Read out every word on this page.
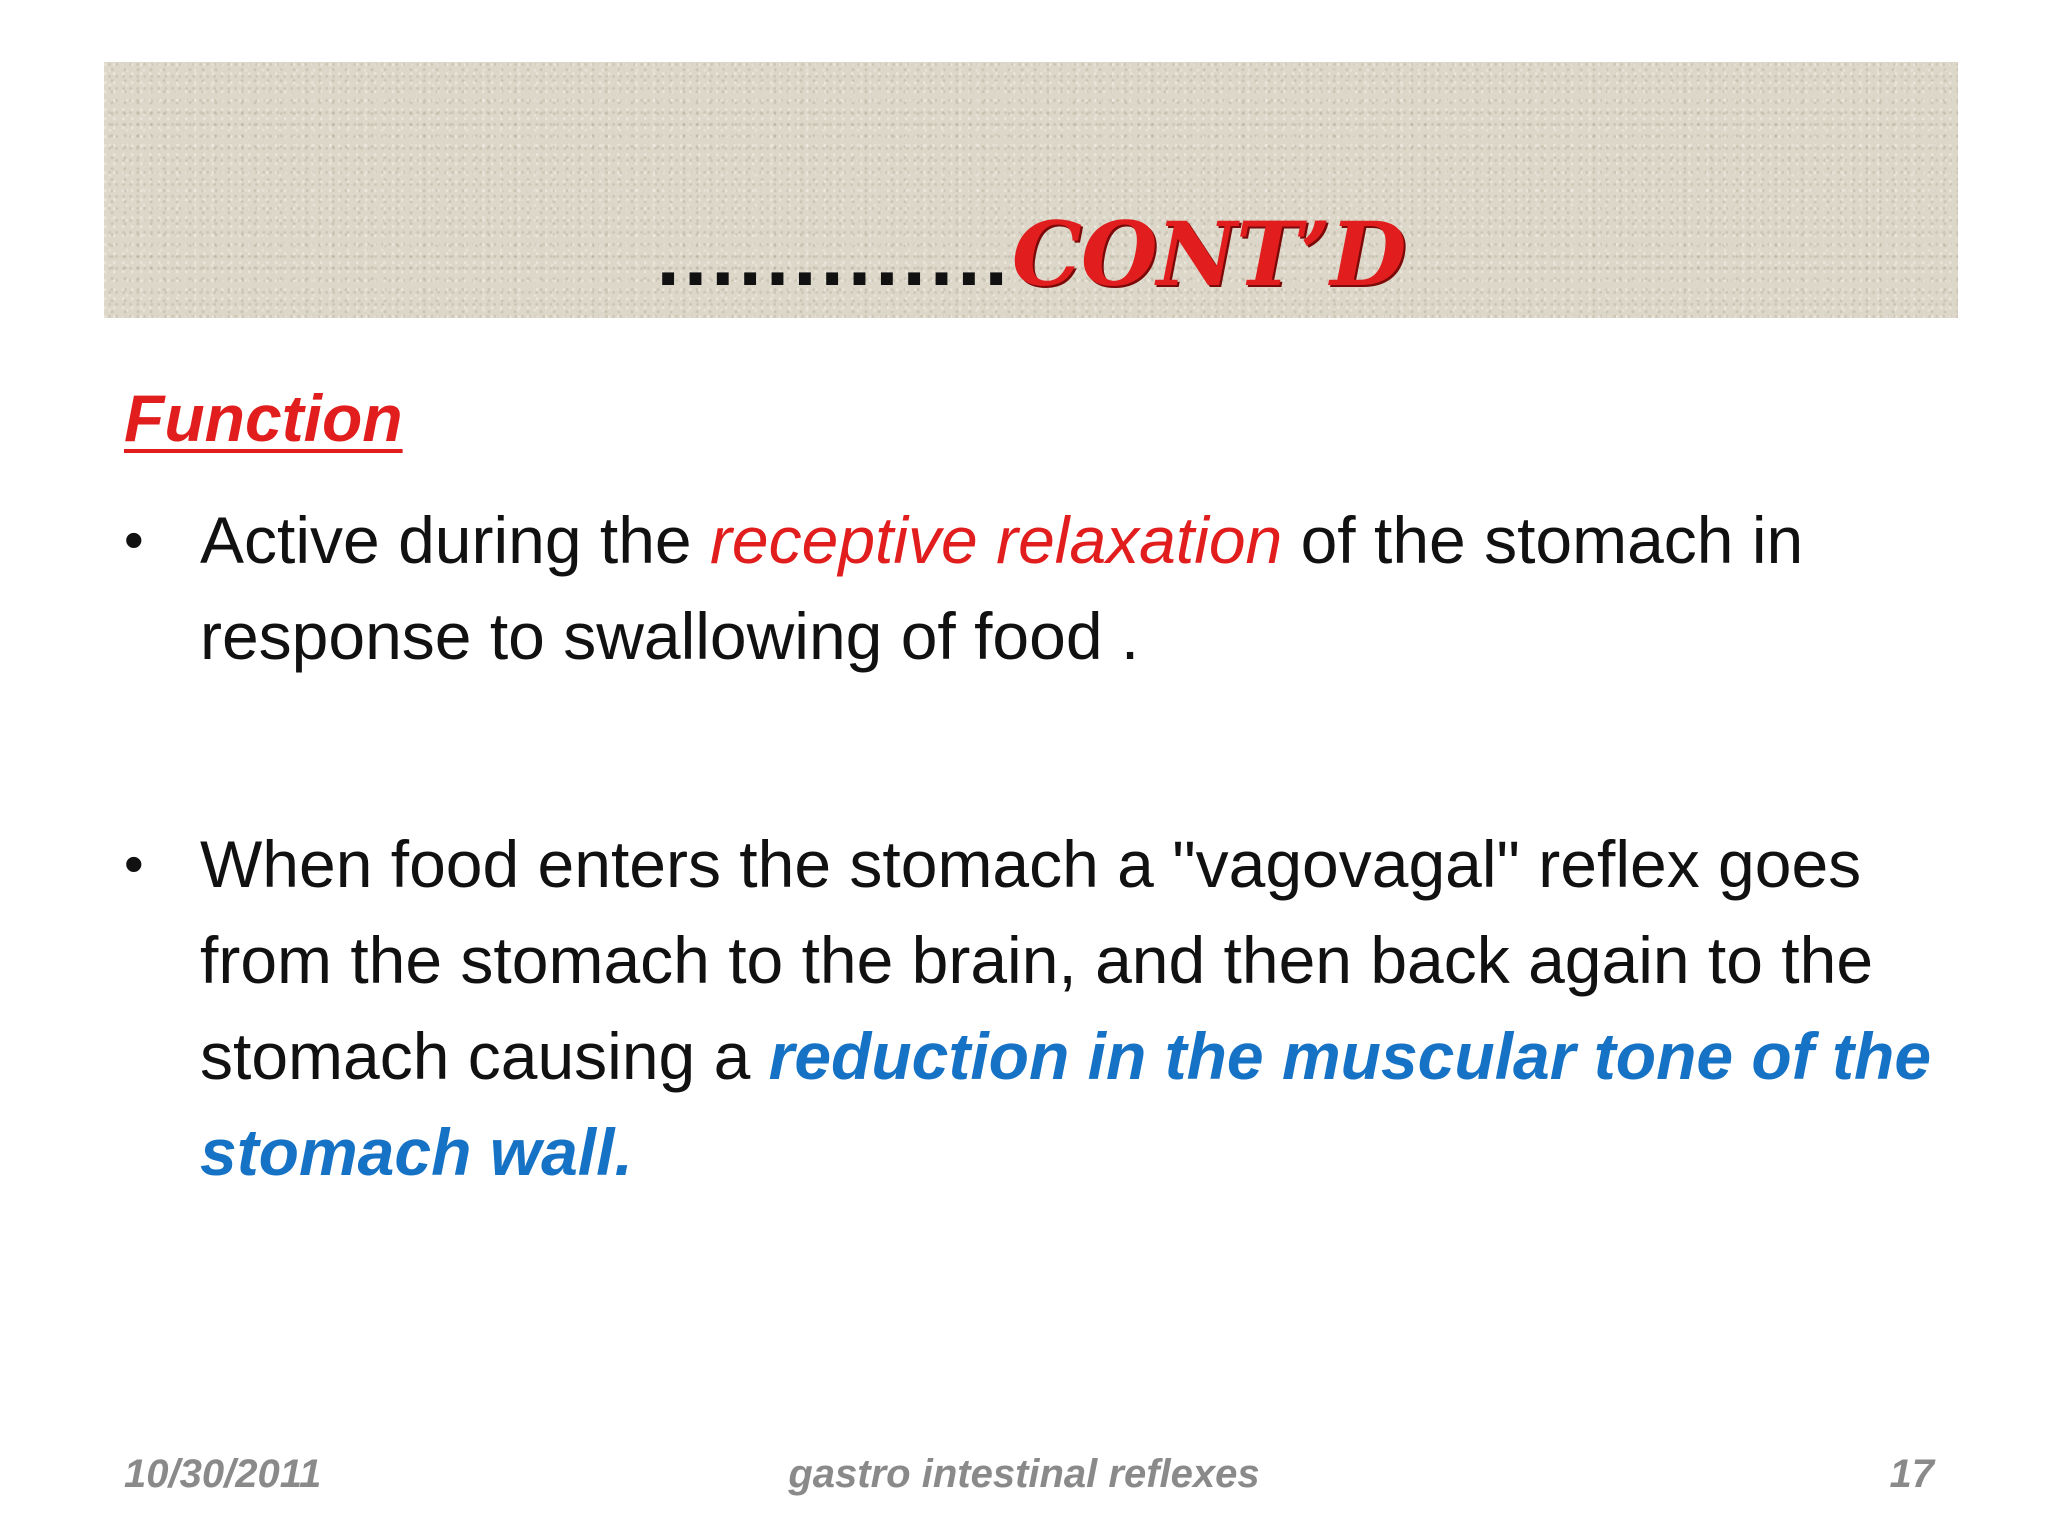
.............CONT’D
Function
• Active during the receptive relaxation of the stomach in response to swallowing of food .
• When food enters the stomach a "vagovagal" reflex goes from the stomach to the brain, and then back again to the stomach causing a reduction in the muscular tone of the stomach wall.
10/30/2011	gastro intestinal reflexes	17
